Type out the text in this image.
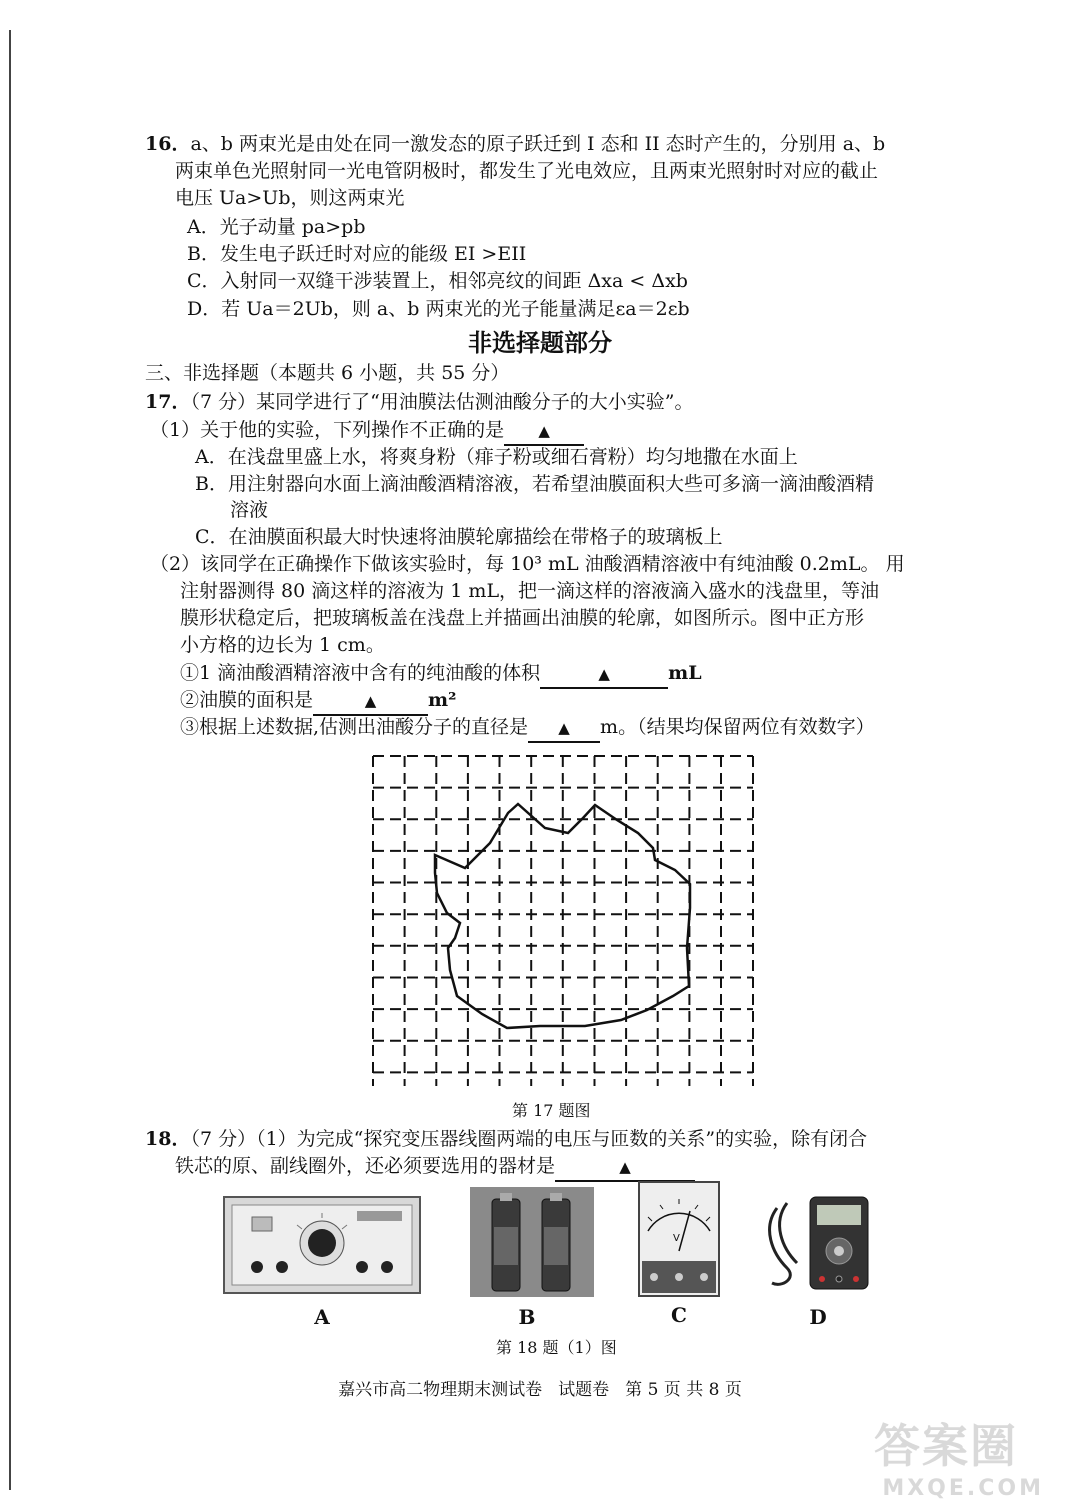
16．a、b 两束光是由处在同一激发态的原子跃迁到 I 态和 II 态时产生的，分别用 a、b
两束单色光照射同一光电管阴极时，都发生了光电效应，且两束光照射时对应的截止
电压 Ua>Ub，则这两束光
A．光子动量 pa>pb
B．发生电子跃迁时对应的能级 EI >EII
C．入射同一双缝干涉装置上，相邻亮纹的间距 Δxa < Δxb
D．若 Ua＝2Ub，则 a、b 两束光的光子能量满足εa＝2εb
非选择题部分
三、非选择题（本题共 6 小题，共 55 分）
17．（7 分）某同学进行了“用油膜法估测油酸分子的大小实验”。
（1）关于他的实验，下列操作不正确的是 ▲
A．在浅盘里盛上水，将爽身粉（痱子粉或细石膏粉）均匀地撒在水面上
B．用注射器向水面上滴油酸酒精溶液，若希望油膜面积大些可多滴一滴油酸酒精
溶液
C．在油膜面积最大时快速将油膜轮廓描绘在带格子的玻璃板上
（2）该同学在正确操作下做该实验时，每 10³ mL 油酸酒精溶液中有纯油酸 0.2mL。 用
注射器测得 80 滴这样的溶液为 1 mL，把一滴这样的溶液滴入盛水的浅盘里，等油
膜形状稳定后，把玻璃板盖在浅盘上并描画出油膜的轮廓，如图所示。图中正方形
小方格的边长为 1 cm。
①1 滴油酸酒精溶液中含有的纯油酸的体积	▲	mL
②油膜的面积是	▲	m²
③根据上述数据,估测出油酸分子的直径是 ▲ m。（结果均保留两位有效数字）
第 17 题图
18．（7 分）（1）为完成“探究变压器线圈两端的电压与匝数的关系”的实验，除有闭合
铁芯的原、副线圈外，还必须要选用的器材是	▲
V
A	B	C	D
第 18 题（1）图
嘉兴市高二物理期末测试卷 试题卷 第 5 页 共 8 页
答案圈
MXQE.COM
